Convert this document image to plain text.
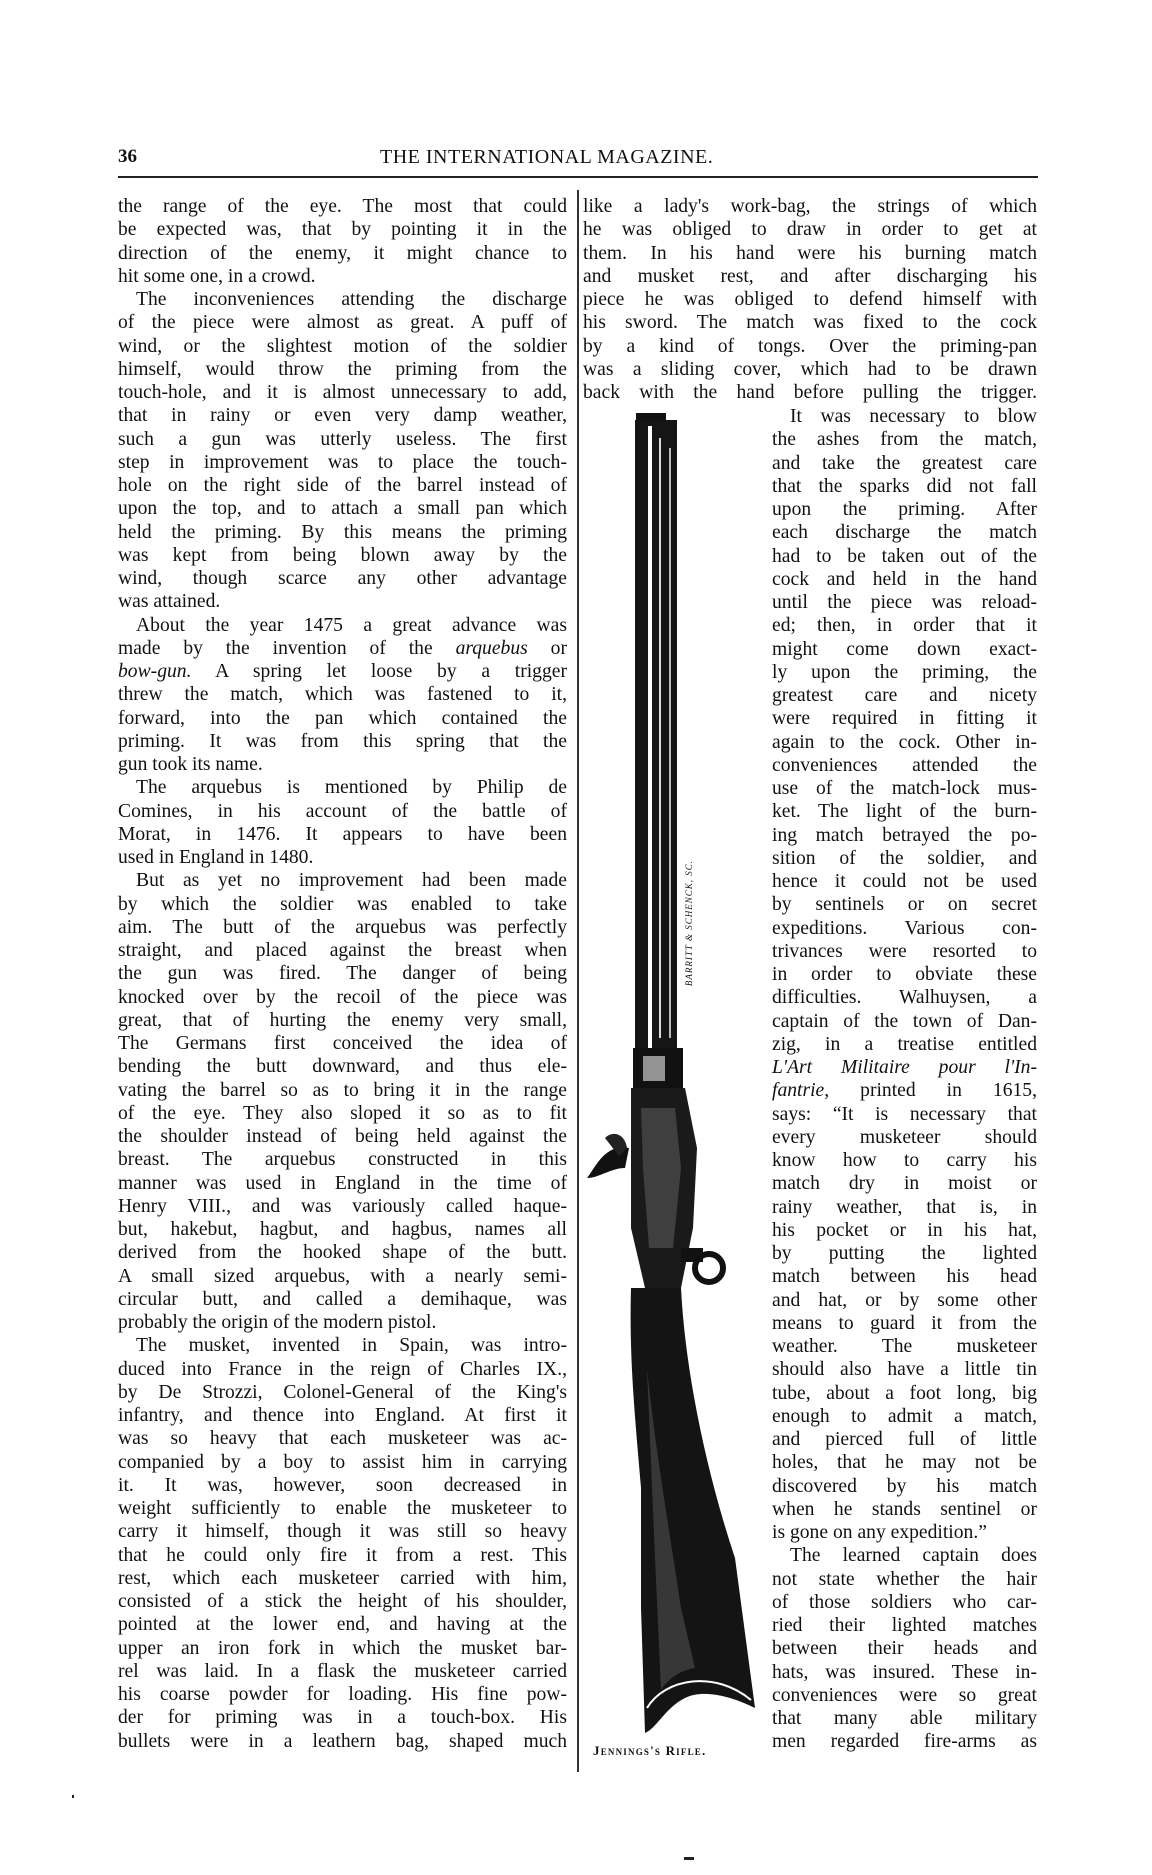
36	THE INTERNATIONAL MAGAZINE.
the range of the eye. The most that could
be expected was, that by pointing it in the
direction of the enemy, it might chance to
hit some one, in a crowd.
The inconveniences attending the discharge
of the piece were almost as great. A puff of
wind, or the slightest motion of the soldier
himself, would throw the priming from the
touch-hole, and it is almost unnecessary to add,
that in rainy or even very damp weather,
such a gun was utterly useless. The first
step in improvement was to place the touch-
hole on the right side of the barrel instead of
upon the top, and to attach a small pan which
held the priming. By this means the priming
was kept from being blown away by the
wind, though scarce any other advantage
was attained.
About the year 1475 a great advance was
made by the invention of the arquebus or
bow-gun. A spring let loose by a trigger
threw the match, which was fastened to it,
forward, into the pan which contained the
priming. It was from this spring that the
gun took its name.
The arquebus is mentioned by Philip de
Comines, in his account of the battle of
Morat, in 1476. It appears to have been
used in England in 1480.
But as yet no improvement had been made
by which the soldier was enabled to take
aim. The butt of the arquebus was perfectly
straight, and placed against the breast when
the gun was fired. The danger of being
knocked over by the recoil of the piece was
great, that of hurting the enemy very small,
The Germans first conceived the idea of
bending the butt downward, and thus ele-
vating the barrel so as to bring it in the range
of the eye. They also sloped it so as to fit
the shoulder instead of being held against the
breast. The arquebus constructed in this
manner was used in England in the time of
Henry VIII., and was variously called haque-
but, hakebut, hagbut, and hagbus, names all
derived from the hooked shape of the butt.
A small sized arquebus, with a nearly semi-
circular butt, and called a demihaque, was
probably the origin of the modern pistol.
The musket, invented in Spain, was intro-
duced into France in the reign of Charles IX.,
by De Strozzi, Colonel-General of the King's
infantry, and thence into England. At first it
was so heavy that each musketeer was ac-
companied by a boy to assist him in carrying
it. It was, however, soon decreased in
weight sufficiently to enable the musketeer to
carry it himself, though it was still so heavy
that he could only fire it from a rest. This
rest, which each musketeer carried with him,
consisted of a stick the height of his shoulder,
pointed at the lower end, and having at the
upper an iron fork in which the musket bar-
rel was laid. In a flask the musketeer carried
his coarse powder for loading. His fine pow-
der for priming was in a touch-box. His
bullets were in a leathern bag, shaped much
like a lady's work-bag, the strings of which
he was obliged to draw in order to get at
them. In his hand were his burning match
and musket rest, and after discharging his
piece he was obliged to defend himself with
his sword. The match was fixed to the cock
by a kind of tongs. Over the priming-pan
was a sliding cover, which had to be drawn
back with the hand before pulling the trigger.
It was necessary to blow
the ashes from the match,
and take the greatest care
that the sparks did not fall
upon the priming. After
each discharge the match
had to be taken out of the
cock and held in the hand
until the piece was reload-
ed; then, in order that it
might come down exact-
ly upon the priming, the
greatest care and nicety
were required in fitting it
again to the cock. Other in-
conveniences attended the
use of the match-lock mus-
ket. The light of the burn-
ing match betrayed the po-
sition of the soldier, and
hence it could not be used
by sentinels or on secret
expeditions. Various con-
trivances were resorted to
in order to obviate these
difficulties. Walhuysen, a
captain of the town of Dan-
zig, in a treatise entitled
L'Art Militaire pour l'In-
fantrie, printed in 1615,
says: “It is necessary that
every musketeer should
know how to carry his
match dry in moist or
rainy weather, that is, in
his pocket or in his hat,
by putting the lighted
match between his head
and hat, or by some other
means to guard it from the
weather. The musketeer
should also have a little tin
tube, about a foot long, big
enough to admit a match,
and pierced full of little
holes, that he may not be
discovered by his match
when he stands sentinel or
is gone on any expedition.”
The learned captain does
not state whether the hair
of those soldiers who car-
ried their lighted matches
between their heads and
hats, was insured. These in-
conveniences were so great
that many able military
men regarded fire-arms as
BARRITT & SCHENCK, SC.
Jennings's Rifle.
